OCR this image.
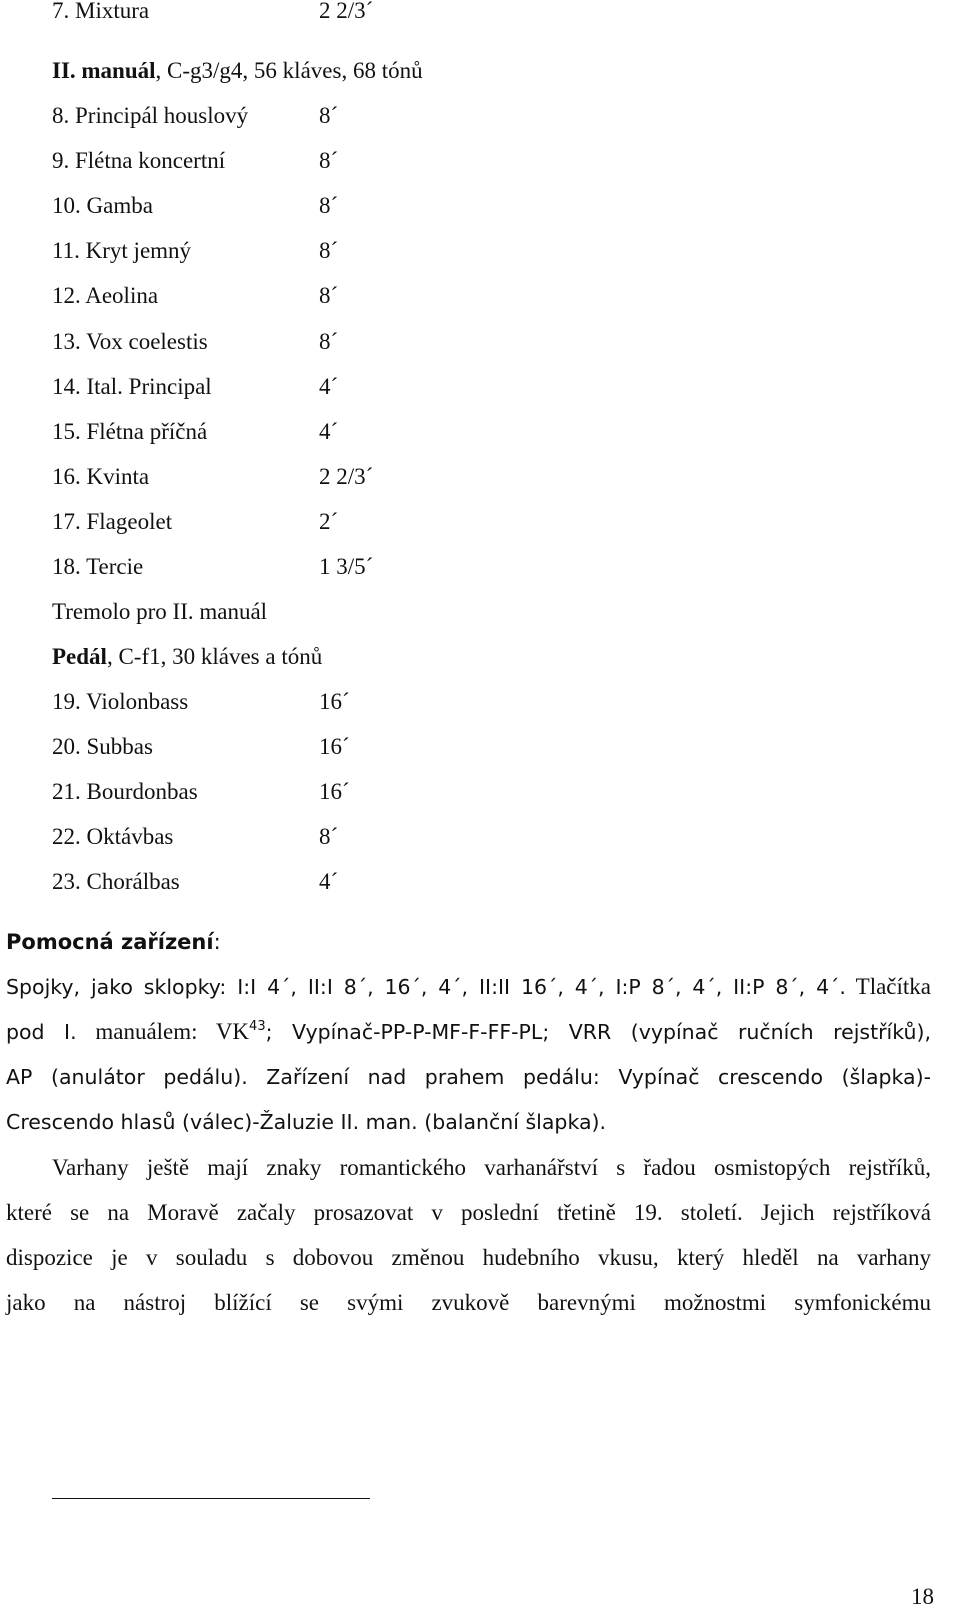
7. Mixtura	2 2/3´
II. manuál, C-g3/g4, 56 kláves, 68 tónů
8. Principál houslový	8´
9. Flétna koncertní	8´
10. Gamba	8´
11. Kryt jemný	8´
12. Aeolina	8´
13. Vox coelestis	8´
14. Ital. Principal	4´
15. Flétna příčná	4´
16. Kvinta	2 2/3´
17. Flageolet	2´
18. Tercie	1 3/5´
Tremolo pro II. manuál
Pedál, C-f1, 30 kláves a tónů
19. Violonbass	16´
20. Subbas	16´
21. Bourdonbas	16´
22. Oktávbas	8´
23. Chorálbas	4´
Pomocná zařízení:
Spojky, jako sklopky: I:I 4´, II:I 8´, 16´, 4´, II:II 16´, 4´, I:P 8´, 4´, II:P 8´, 4´. Tlačítka
pod I. manuálem: VK$^{43}$; Vypínač-PP-P-MF-F-FF-PL; VRR (vypínač ručních rejstříků),
AP (anulátor pedálu). Zařízení nad prahem pedálu: Vypínač crescendo (šlapka)-
Crescendo hlasů (válec)-Žaluzie II. man. (balanční šlapka).
Varhany ještě mají znaky romantického varhanářství s řadou osmistopých rejstříků,
které se na Moravě začaly prosazovat v poslední třetině 19. století. Jejich rejstříková
dispozice je v souladu s dobovou změnou hudebního vkusu, který hleděl na varhany
jako na nástroj blížící se svými zvukově barevnými možnostmi symfonickému
18
